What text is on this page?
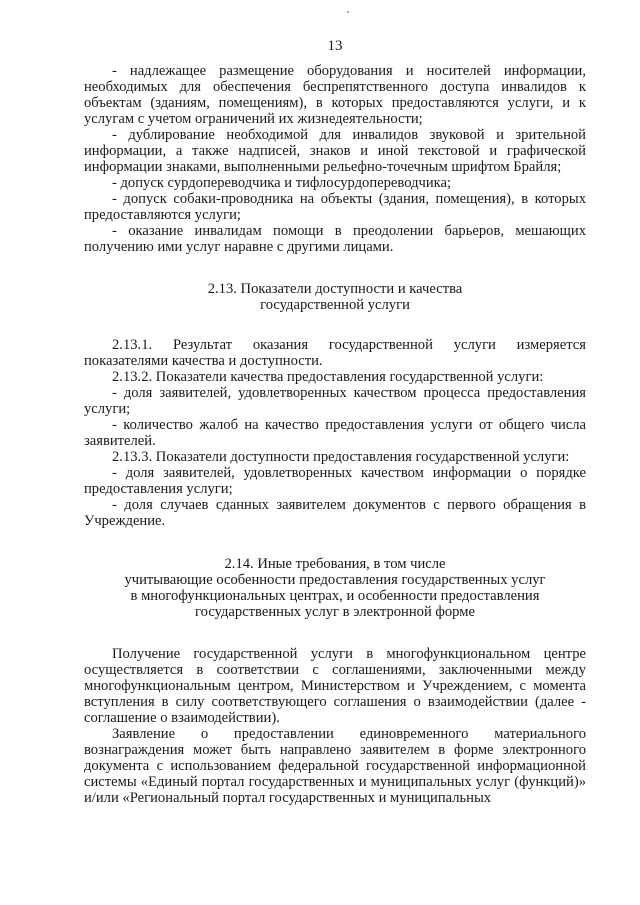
13

- надлежащее размещение оборудования и носителей информации, необходимых для обеспечения беспрепятственного доступа инвалидов к объектам (зданиям, помещениям), в которых предоставляются услуги, и к услугам с учетом ограничений их жизнедеятельности;

- дублирование необходимой для инвалидов звуковой и зрительной информации, а также надписей, знаков и иной текстовой и графической информации знаками, выполненными рельефно-точечным шрифтом Брайля;

- допуск сурдопереводчика и тифлосурдопереводчика;

- допуск собаки-проводника на объекты (здания, помещения), в которых предоставляются услуги;

- оказание инвалидам помощи в преодолении барьеров, мешающих получению ими услуг наравне с другими лицами.

2.13. Показатели доступности и качества
государственной услуги

2.13.1. Результат оказания государственной услуги измеряется показателями качества и доступности.

2.13.2. Показатели качества предоставления государственной услуги:

- доля заявителей, удовлетворенных качеством процесса предоставления услуги;

- количество жалоб на качество предоставления услуги от общего числа заявителей.

2.13.3. Показатели доступности предоставления государственной услуги:

- доля заявителей, удовлетворенных качеством информации о порядке предоставления услуги;

- доля случаев сданных заявителем документов с первого обращения в Учреждение.

2.14. Иные требования, в том числе
учитывающие особенности предоставления государственных услуг
в многофункциональных центрах, и особенности предоставления
государственных услуг в электронной форме

Получение государственной услуги в многофункциональном центре осуществляется в соответствии с соглашениями, заключенными между многофункциональным центром, Министерством и Учреждением, с момента вступления в силу соответствующего соглашения о взаимодействии (далее - соглашение о взаимодействии).

Заявление о предоставлении единовременного материального вознаграждения может быть направлено заявителем в форме электронного документа с использованием федеральной государственной информационной системы «Единый портал государственных и муниципальных услуг (функций)» и/или «Региональный портал государственных и муниципальных
